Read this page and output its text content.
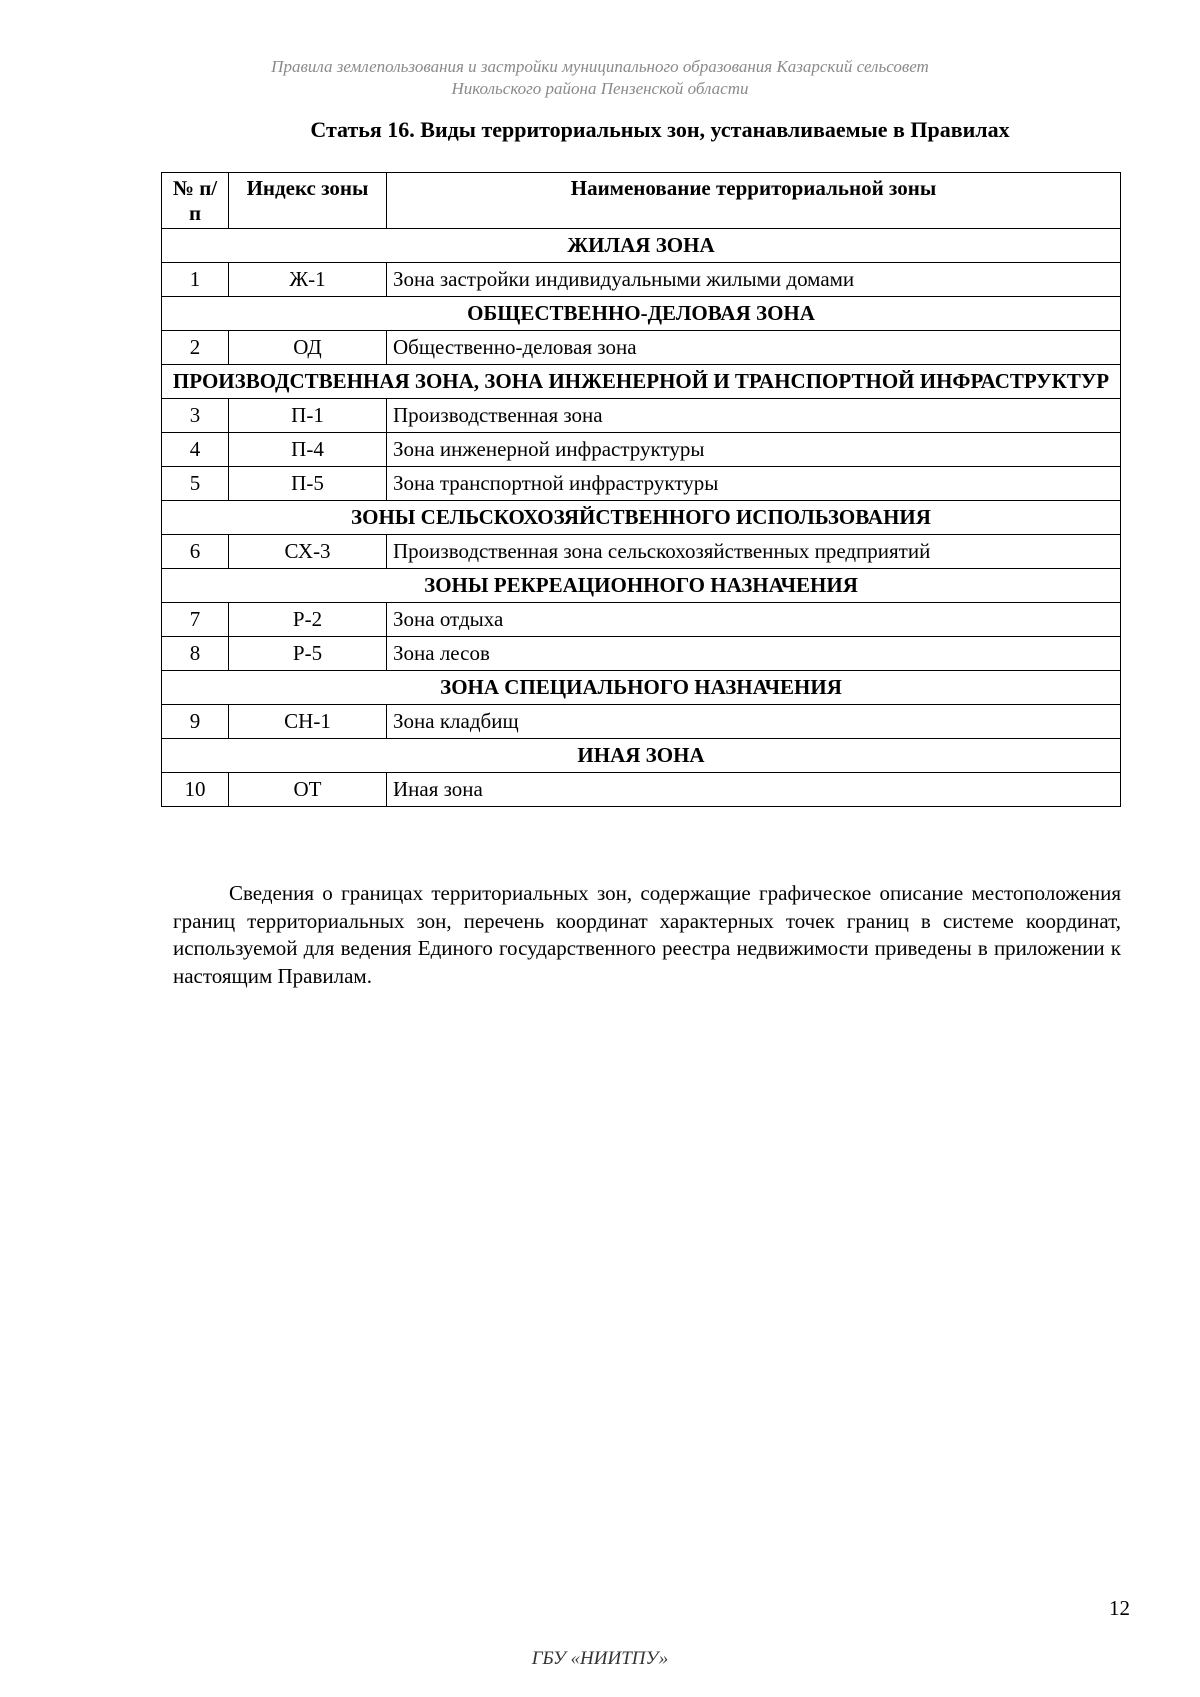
Правила землепользования и застройки муниципального образования Казарский сельсовет
Никольского района Пензенской области
Статья 16. Виды территориальных зон, устанавливаемые в Правилах
№ п/п	Индекс зоны	Наименование территориальной зоны
ЖИЛАЯ ЗОНА		
1	Ж-1	Зона застройки индивидуальными жилыми домами
ОБЩЕСТВЕННО-ДЕЛОВАЯ ЗОНА		
2	ОД	Общественно-деловая зона
ПРОИЗВОДСТВЕННАЯ ЗОНА, ЗОНА ИНЖЕНЕРНОЙ И ТРАНСПОРТНОЙ ИНФРАСТРУКТУР		
3	П-1	Производственная зона
4	П-4	Зона инженерной инфраструктуры
5	П-5	Зона транспортной инфраструктуры
ЗОНЫ СЕЛЬСКОХОЗЯЙСТВЕННОГО ИСПОЛЬЗОВАНИЯ		
6	СХ-3	Производственная зона сельскохозяйственных предприятий
ЗОНЫ РЕКРЕАЦИОННОГО НАЗНАЧЕНИЯ		
7	Р-2	Зона отдыха
8	Р-5	Зона лесов
ЗОНА СПЕЦИАЛЬНОГО НАЗНАЧЕНИЯ		
9	СН-1	Зона кладбищ
ИНАЯ ЗОНА		
10	ОТ	Иная зона
Сведения о границах территориальных зон, содержащие графическое описание местоположения границ территориальных зон, перечень координат характерных точек границ в системе координат, используемой для ведения Единого государственного реестра недвижимости приведены в приложении к настоящим Правилам.
12
ГБУ «НИИТПУ»
